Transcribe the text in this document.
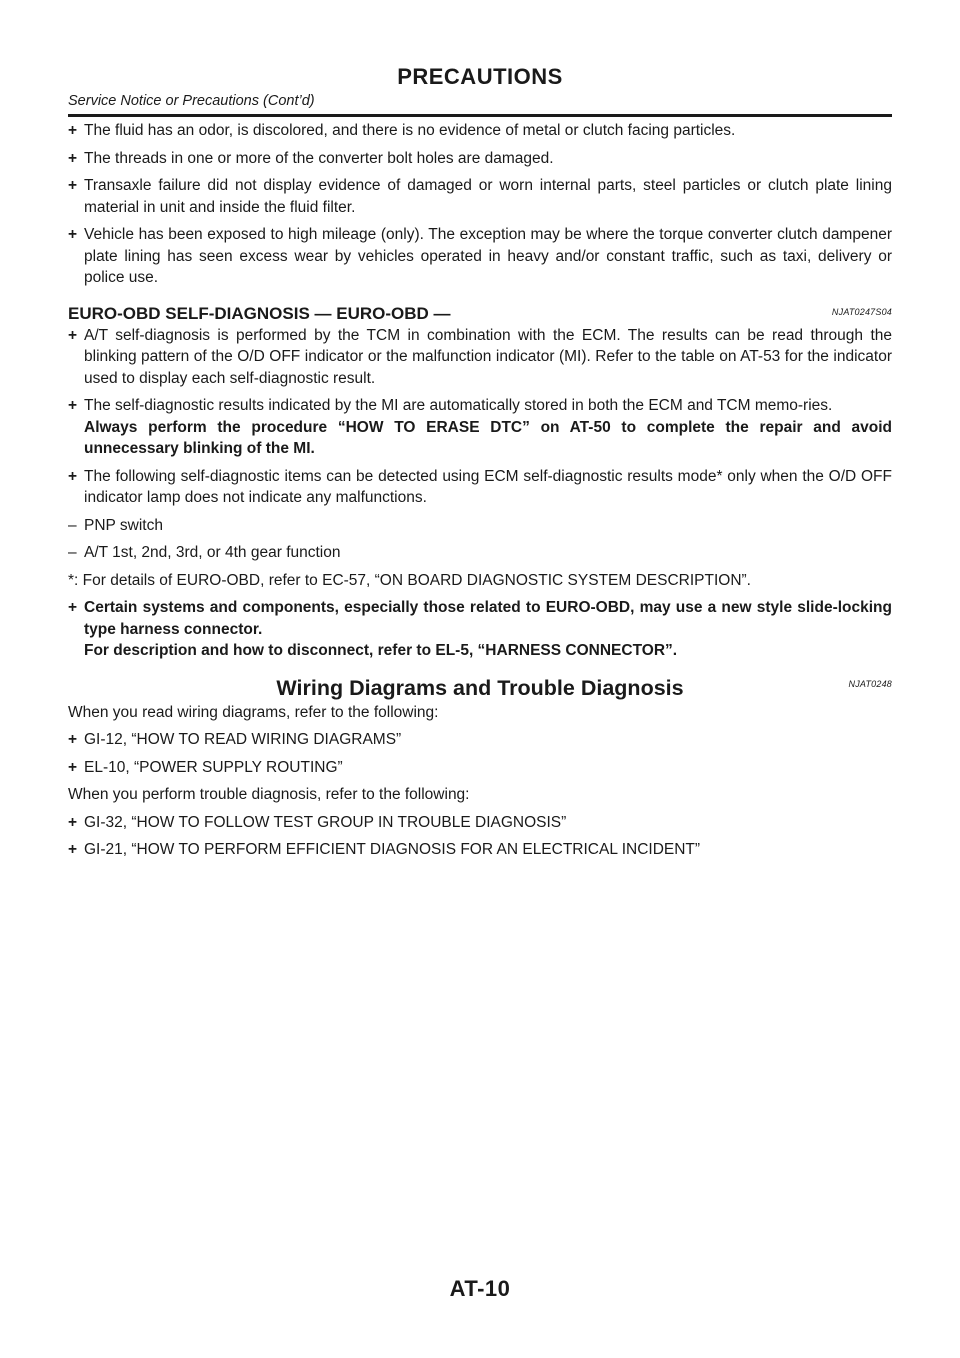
PRECAUTIONS
Service Notice or Precautions (Cont’d)
+ The fluid has an odor, is discolored, and there is no evidence of metal or clutch facing particles.
+ The threads in one or more of the converter bolt holes are damaged.
+ Transaxle failure did not display evidence of damaged or worn internal parts, steel particles or clutch plate lining material in unit and inside the fluid filter.
+ Vehicle has been exposed to high mileage (only). The exception may be where the torque converter clutch dampener plate lining has seen excess wear by vehicles operated in heavy and/or constant traffic, such as taxi, delivery or police use.
EURO-OBD SELF-DIAGNOSIS — EURO-OBD —	NJAT0247S04
+ A/T self-diagnosis is performed by the TCM in combination with the ECM. The results can be read through the blinking pattern of the O/D OFF indicator or the malfunction indicator (MI). Refer to the table on AT-53 for the indicator used to display each self-diagnostic result.
+ The self-diagnostic results indicated by the MI are automatically stored in both the ECM and TCM memo-ries.
Always perform the procedure “HOW TO ERASE DTC” on AT-50 to complete the repair and avoid unnecessary blinking of the MI.
+ The following self-diagnostic items can be detected using ECM self-diagnostic results mode* only when the O/D OFF indicator lamp does not indicate any malfunctions.
– PNP switch
– A/T 1st, 2nd, 3rd, or 4th gear function
*: For details of EURO-OBD, refer to EC-57, “ON BOARD DIAGNOSTIC SYSTEM DESCRIPTION”.
+ Certain systems and components, especially those related to EURO-OBD, may use a new style slide-locking type harness connector.
For description and how to disconnect, refer to EL-5, “HARNESS CONNECTOR”.
Wiring Diagrams and Trouble Diagnosis	NJAT0248
When you read wiring diagrams, refer to the following:
+ GI-12, “HOW TO READ WIRING DIAGRAMS”
+ EL-10, “POWER SUPPLY ROUTING”
When you perform trouble diagnosis, refer to the following:
+ GI-32, “HOW TO FOLLOW TEST GROUP IN TROUBLE DIAGNOSIS”
+ GI-21, “HOW TO PERFORM EFFICIENT DIAGNOSIS FOR AN ELECTRICAL INCIDENT”
AT-10
